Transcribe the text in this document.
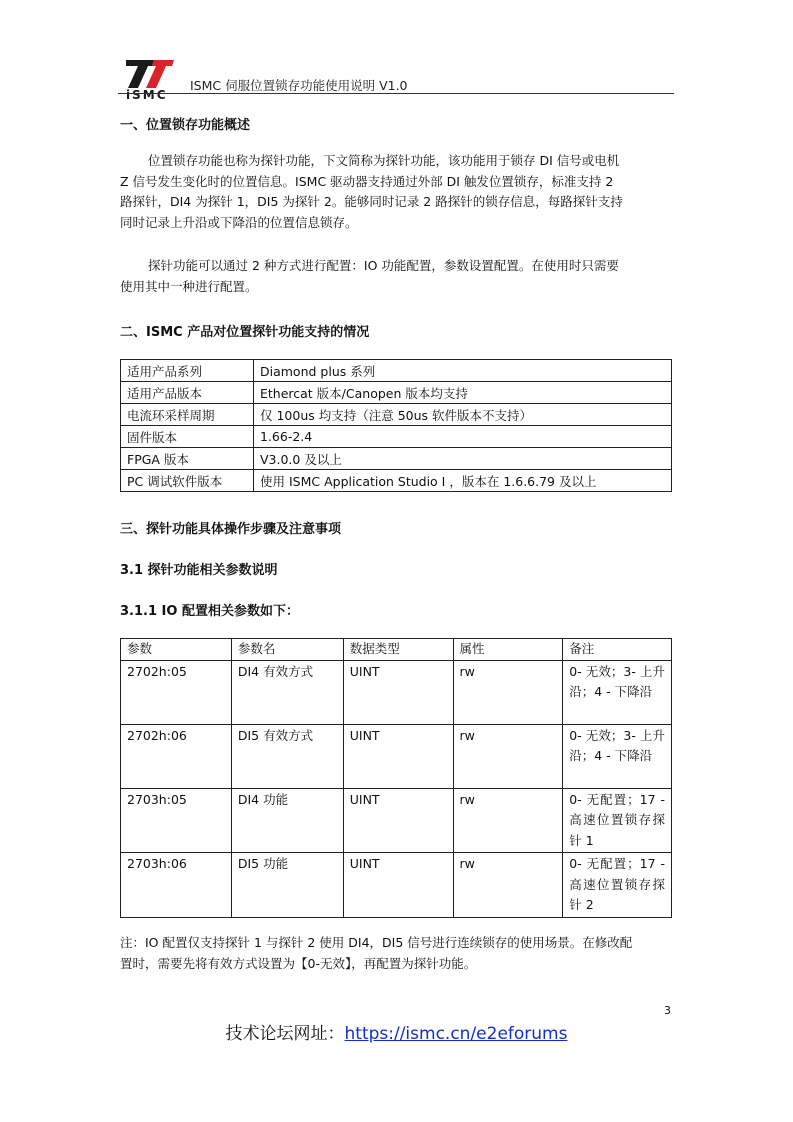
iSMC
ISMC 伺服位置锁存功能使用说明 V1.0
一、位置锁存功能概述
位置锁存功能也称为探针功能，下文简称为探针功能，该功能用于锁存 DI 信号或电机
Z 信号发生变化时的位置信息。ISMC 驱动器支持通过外部 DI 触发位置锁存，标准支持 2
路探针，DI4 为探针 1，DI5 为探针 2。能够同时记录 2 路探针的锁存信息，每路探针支持
同时记录上升沿或下降沿的位置信息锁存。
探针功能可以通过 2 种方式进行配置：IO 功能配置，参数设置配置。在使用时只需要
使用其中一种进行配置。
二、ISMC 产品对位置探针功能支持的情况
适用产品系列	Diamond plus 系列
适用产品版本	Ethercat 版本/Canopen 版本均支持
电流环采样周期	仅 100us 均支持（注意 50us 软件版本不支持）
固件版本	1.66-2.4
FPGA 版本	V3.0.0 及以上
PC 调试软件版本	使用 ISMC Application Studio I ，版本在 1.6.6.79 及以上
三、探针功能具体操作步骤及注意事项
3.1 探针功能相关参数说明
3.1.1 IO 配置相关参数如下：
参数	参数名	数据类型	属性	备注
2702h:05	DI4 有效方式	UINT	rw	0- 无效；3- 上升沿；4 - 下降沿
2702h:06	DI5 有效方式	UINT	rw	0- 无效；3- 上升沿；4 - 下降沿
2703h:05	DI4 功能	UINT	rw	0- 无配置；17 -高速位置锁存探针 1
2703h:06	DI5 功能	UINT	rw	0- 无配置；17 -高速位置锁存探针 2
注：IO 配置仅支持探针 1 与探针 2 使用 DI4，DI5 信号进行连续锁存的使用场景。在修改配
置时，需要先将有效方式设置为【0-无效】，再配置为探针功能。
3
技术论坛网址：https://ismc.cn/e2eforums
